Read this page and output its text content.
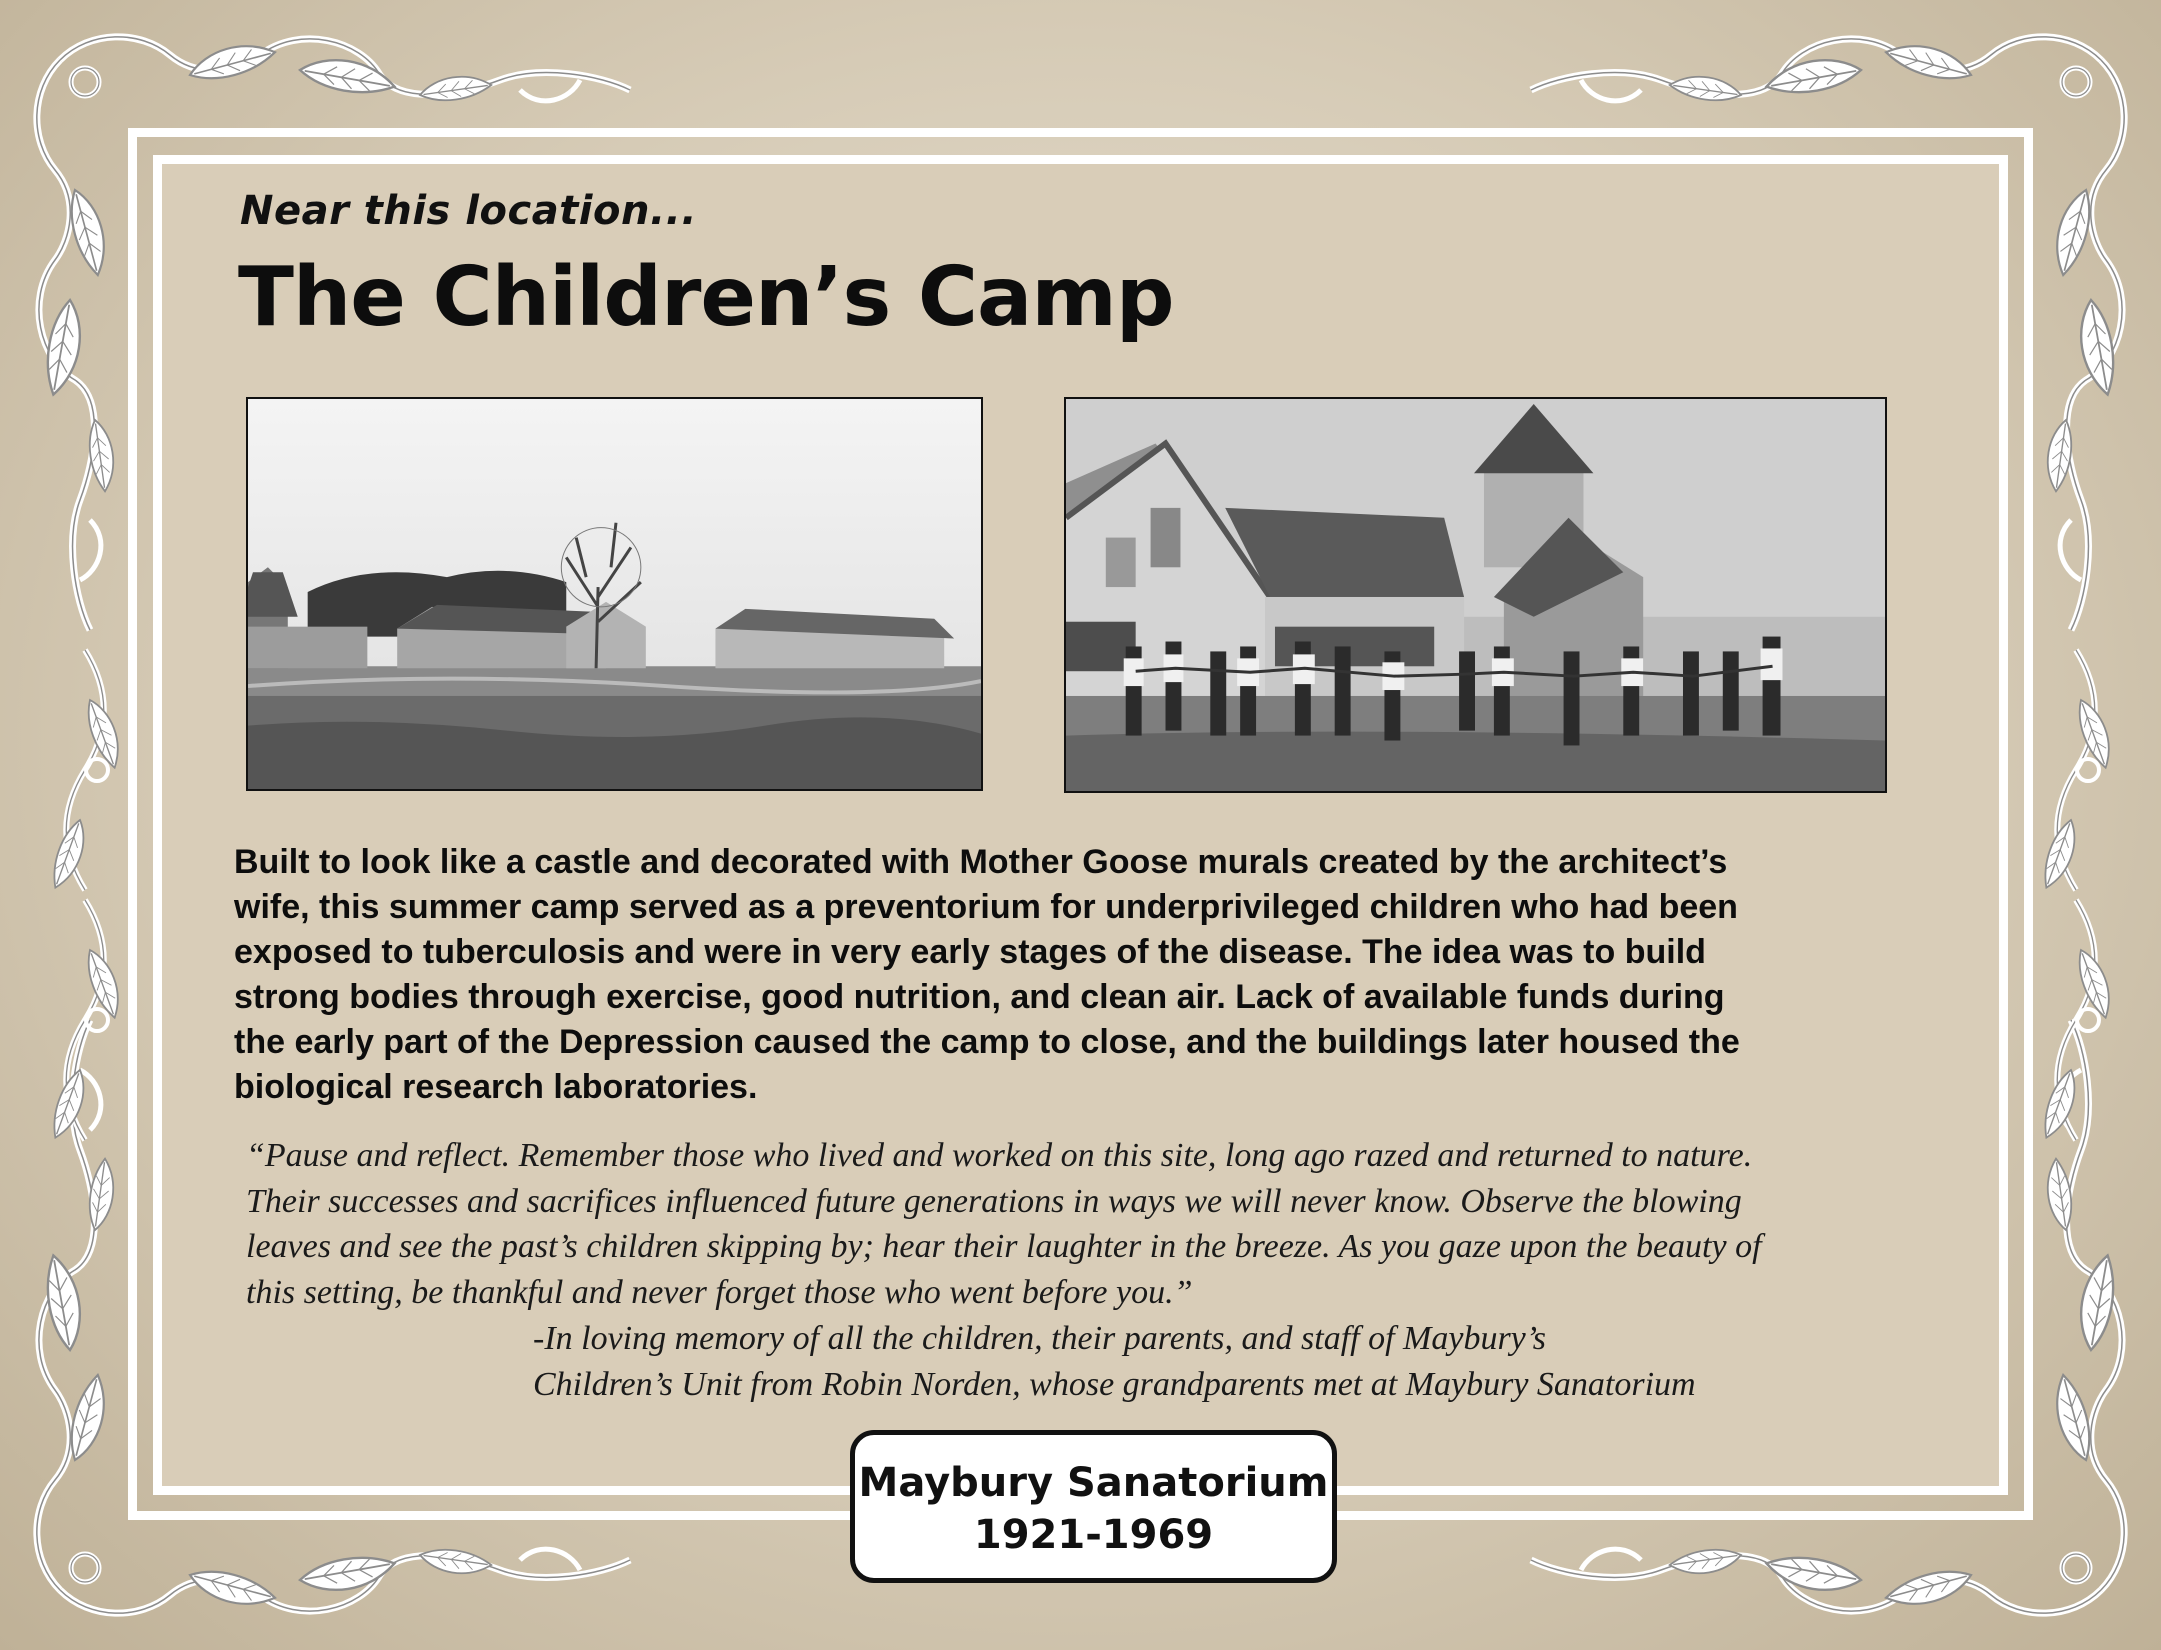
Near this location...
The Children’s Camp
Built to look like a castle and decorated with Mother Goose murals created by the architect’s
wife, this summer camp served as a preventorium for underprivileged children who had been
exposed to tuberculosis and were in very early stages of the disease. The idea was to build
strong bodies through exercise, good nutrition, and clean air. Lack of available funds during
the early part of the Depression caused the camp to close, and the buildings later housed the
biological research laboratories.

“Pause and reflect. Remember those who lived and worked on this site, long ago razed and returned to nature.

Their successes and sacrifices influenced future generations in ways we will never know. Observe the blowing

leaves and see the past’s children skipping by; hear their laughter in the breeze. As you gaze upon the beauty of

this setting, be thankful and never forget those who went before you.”

-In loving memory of all the children, their parents, and staff of Maybury’s

Children’s Unit from Robin Norden, whose grandparents met at Maybury Sanatorium

Maybury Sanatorium
1921-1969
